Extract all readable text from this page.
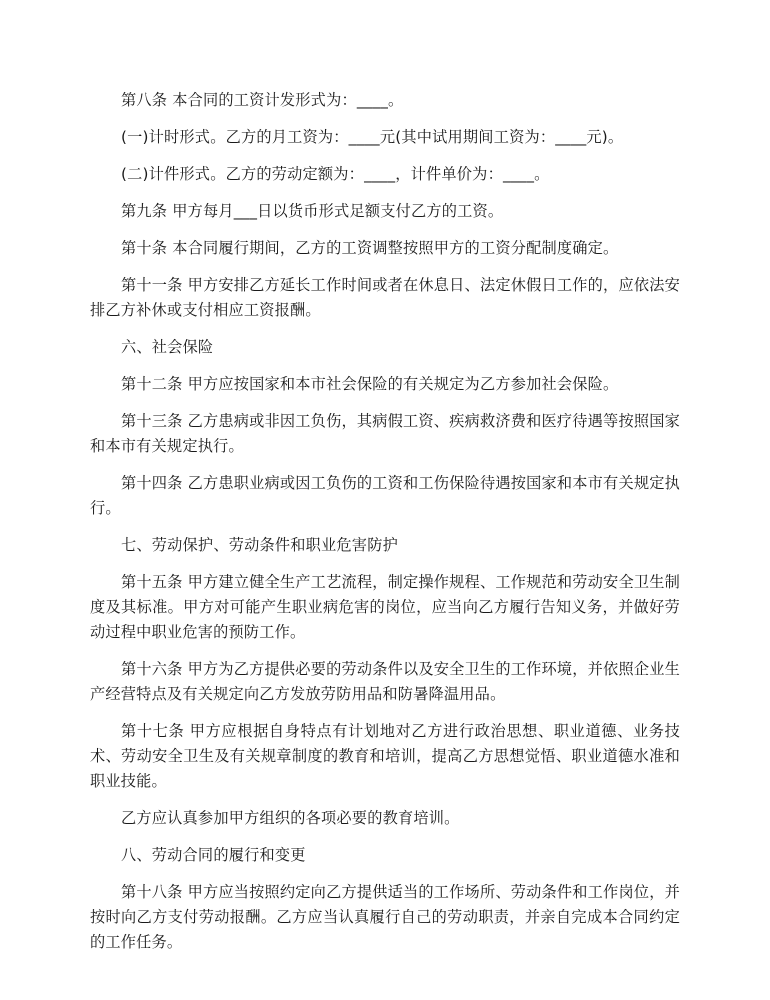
第八条 本合同的工资计发形式为：____。

(一)计时形式。乙方的月工资为：____元(其中试用期间工资为：____元)。

(二)计件形式。乙方的劳动定额为：____，计件单价为：____。

第九条 甲方每月___日以货币形式足额支付乙方的工资。

第十条 本合同履行期间，乙方的工资调整按照甲方的工资分配制度确定。

第十一条 甲方安排乙方延长工作时间或者在休息日、法定休假日工作的，应依法安排乙方补休或支付相应工资报酬。

六、社会保险

第十二条 甲方应按国家和本市社会保险的有关规定为乙方参加社会保险。

第十三条 乙方患病或非因工负伤，其病假工资、疾病救济费和医疗待遇等按照国家和本市有关规定执行。

第十四条 乙方患职业病或因工负伤的工资和工伤保险待遇按国家和本市有关规定执行。

七、劳动保护、劳动条件和职业危害防护

第十五条 甲方建立健全生产工艺流程，制定操作规程、工作规范和劳动安全卫生制度及其标准。甲方对可能产生职业病危害的岗位，应当向乙方履行告知义务，并做好劳动过程中职业危害的预防工作。

第十六条 甲方为乙方提供必要的劳动条件以及安全卫生的工作环境，并依照企业生产经营特点及有关规定向乙方发放劳防用品和防暑降温用品。

第十七条 甲方应根据自身特点有计划地对乙方进行政治思想、职业道德、业务技术、劳动安全卫生及有关规章制度的教育和培训，提高乙方思想觉悟、职业道德水准和职业技能。

乙方应认真参加甲方组织的各项必要的教育培训。

八、劳动合同的履行和变更

第十八条 甲方应当按照约定向乙方提供适当的工作场所、劳动条件和工作岗位，并按时向乙方支付劳动报酬。乙方应当认真履行自己的劳动职责，并亲自完成本合同约定的工作任务。
